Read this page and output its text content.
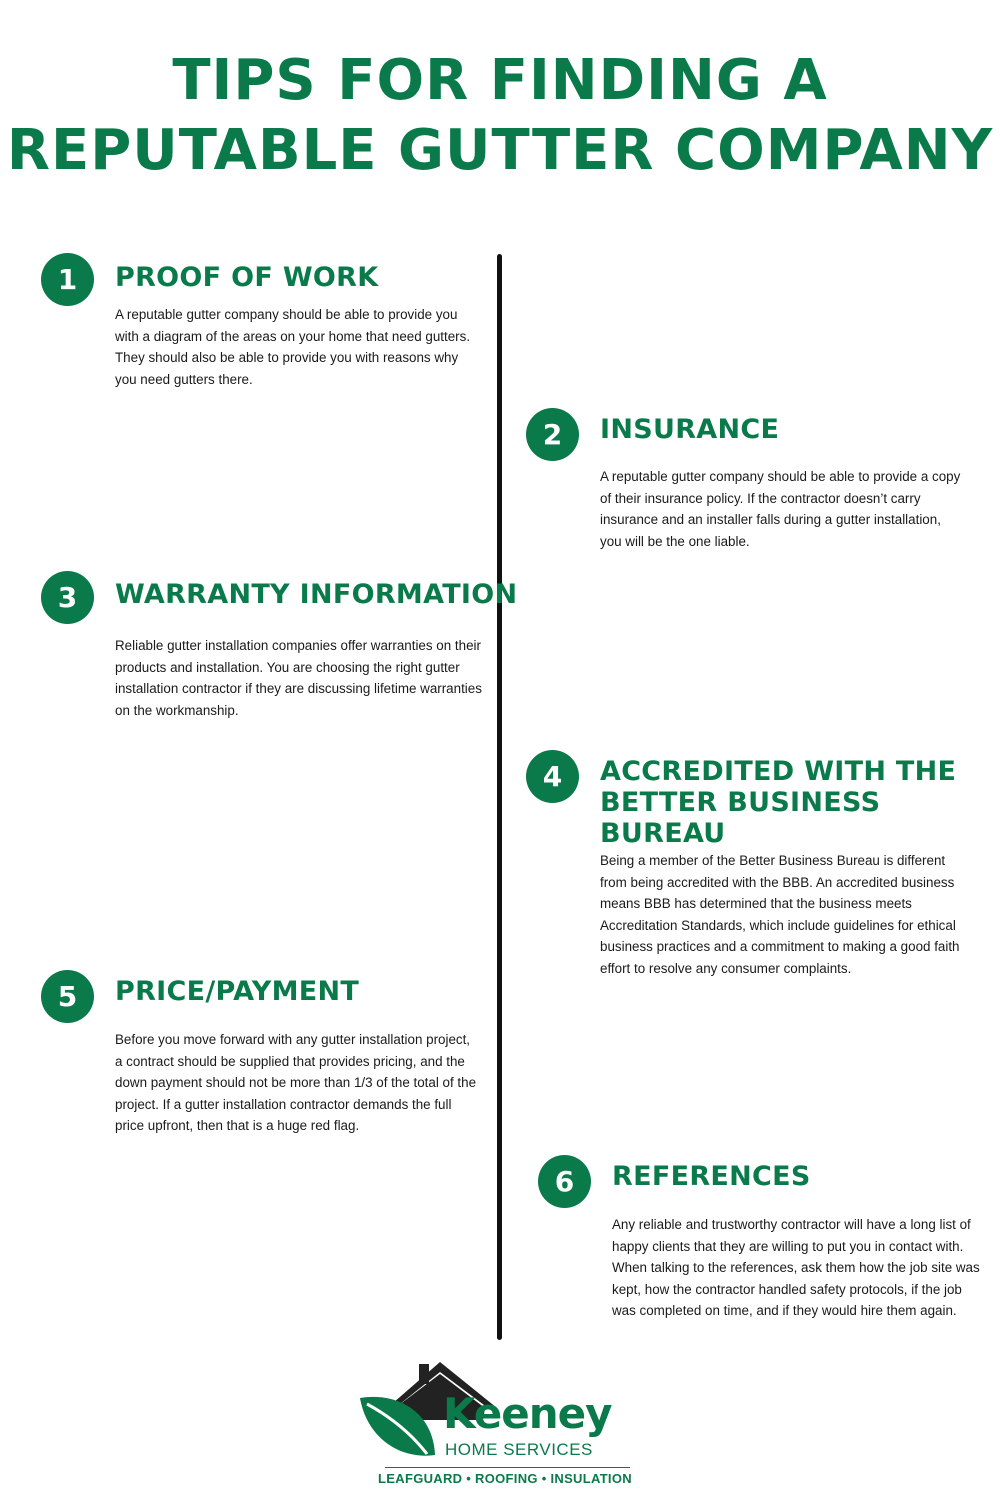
TIPS FOR FINDING A
REPUTABLE GUTTER COMPANY
1	PROOF OF WORK
A reputable gutter company should be able to provide you with a diagram of the areas on your home that need gutters. They should also be able to provide you with reasons why you need gutters there.
2	INSURANCE
A reputable gutter company should be able to provide a copy of their insurance policy. If the contractor doesn’t carry insurance and an installer falls during a gutter installation, you will be the one liable.
3	WARRANTY INFORMATION
Reliable gutter installation companies offer warranties on their products and installation. You are choosing the right gutter installation contractor if they are discussing lifetime warranties on the workmanship.
4	ACCREDITED WITH THE
BETTER BUSINESS BUREAU
Being a member of the Better Business Bureau is different from being accredited with the BBB. An accredited business means BBB has determined that the business meets Accreditation Standards, which include guidelines for ethical business practices and a commitment to making a good faith effort to resolve any consumer complaints.
5	PRICE/PAYMENT
Before you move forward with any gutter installation project, a contract should be supplied that provides pricing, and the down payment should not be more than 1/3 of the total of the project. If a gutter installation contractor demands the full price upfront, then that is a huge red flag.
6	REFERENCES
Any reliable and trustworthy contractor will have a long list of happy clients that they are willing to put you in contact with. When talking to the references, ask them how the job site was kept, how the contractor handled safety protocols, if the job was completed on time, and if they would hire them again.
Keeney
HOME SERVICES
LEAFGUARD • ROOFING • INSULATION
